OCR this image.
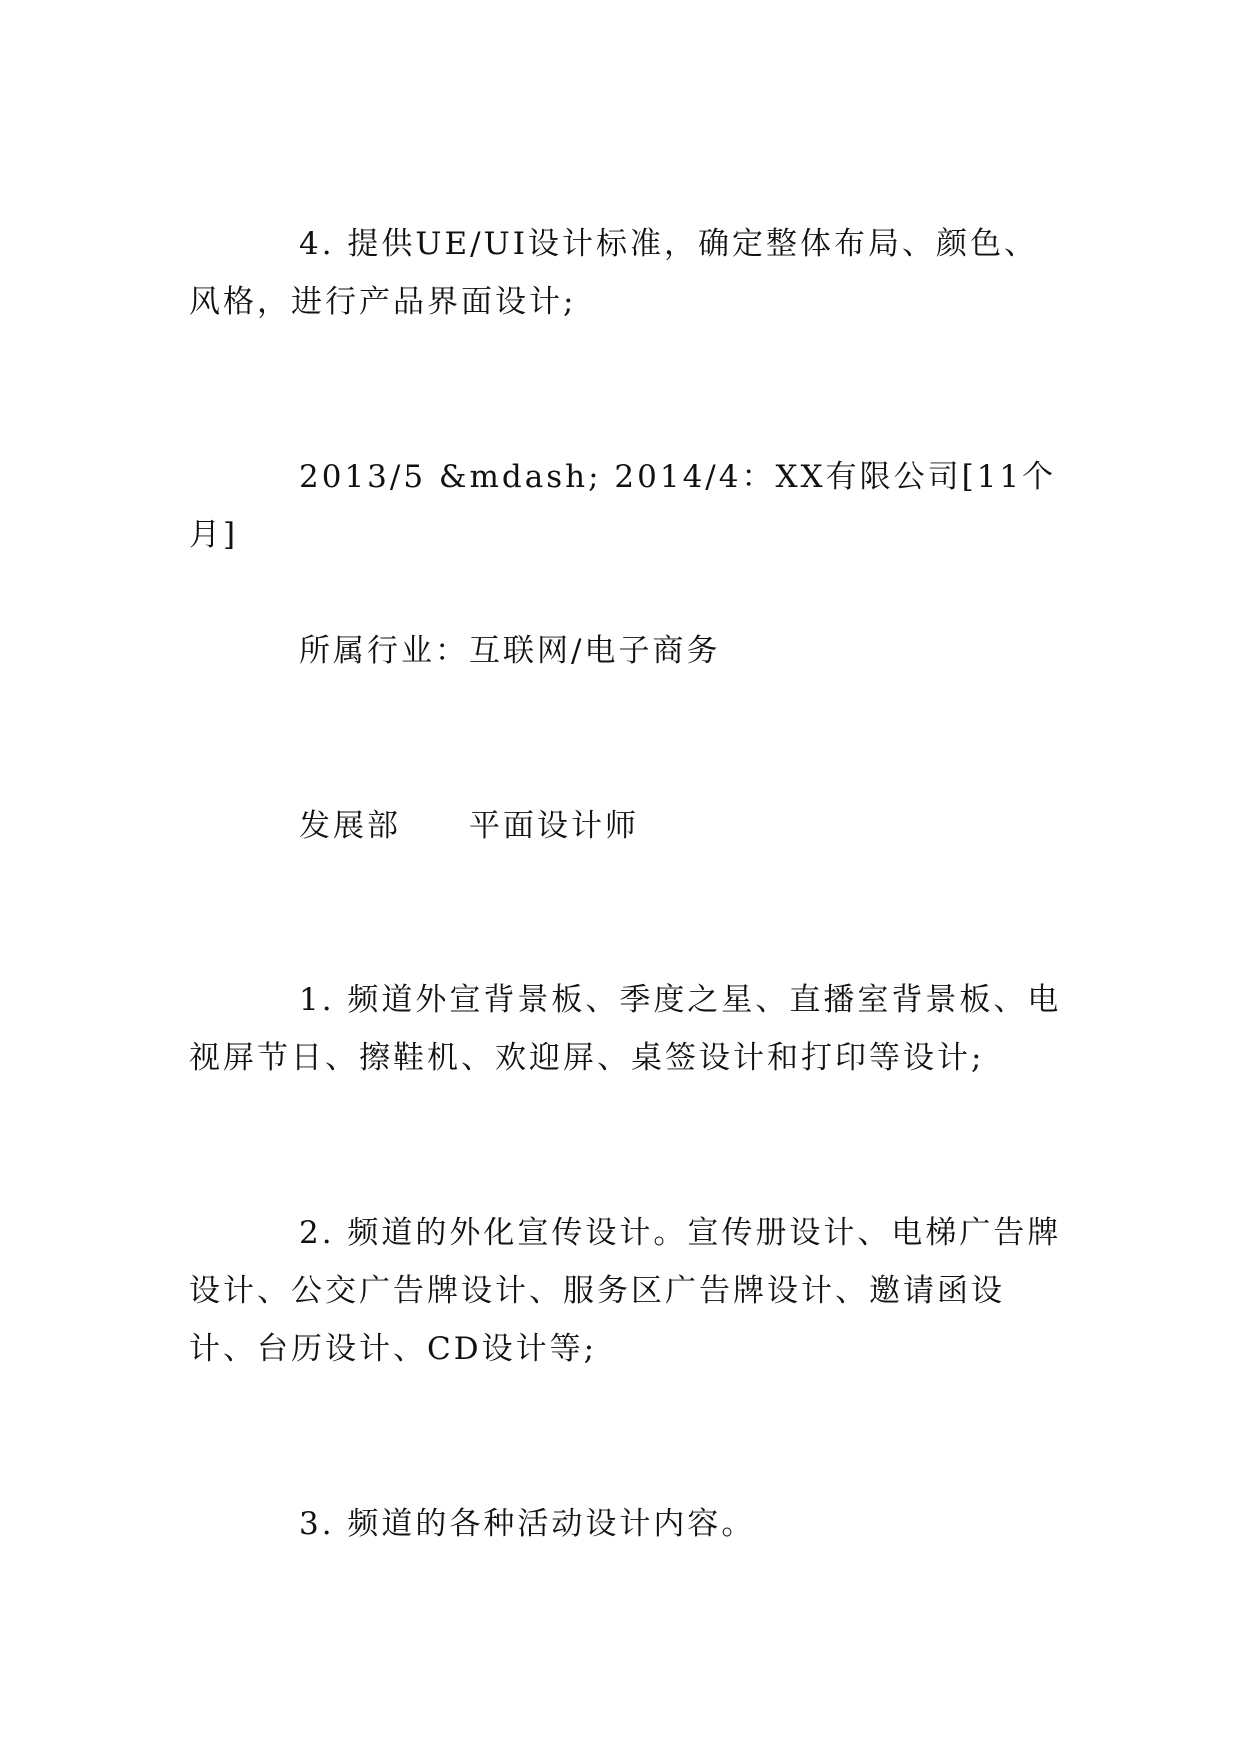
4. 提供UE/UI设计标准，确定整体布局、颜色、风格，进行产品界面设计;

2013/5 &mdash; 2014/4：XX有限公司[11个月]

所属行业：互联网/电子商务

发展部 平面设计师

1. 频道外宣背景板、季度之星、直播室背景板、电视屏节日、擦鞋机、欢迎屏、桌签设计和打印等设计;

2. 频道的外化宣传设计。宣传册设计、电梯广告牌设计、公交广告牌设计、服务区广告牌设计、邀请函设计、台历设计、CD设计等;

3. 频道的各种活动设计内容。
